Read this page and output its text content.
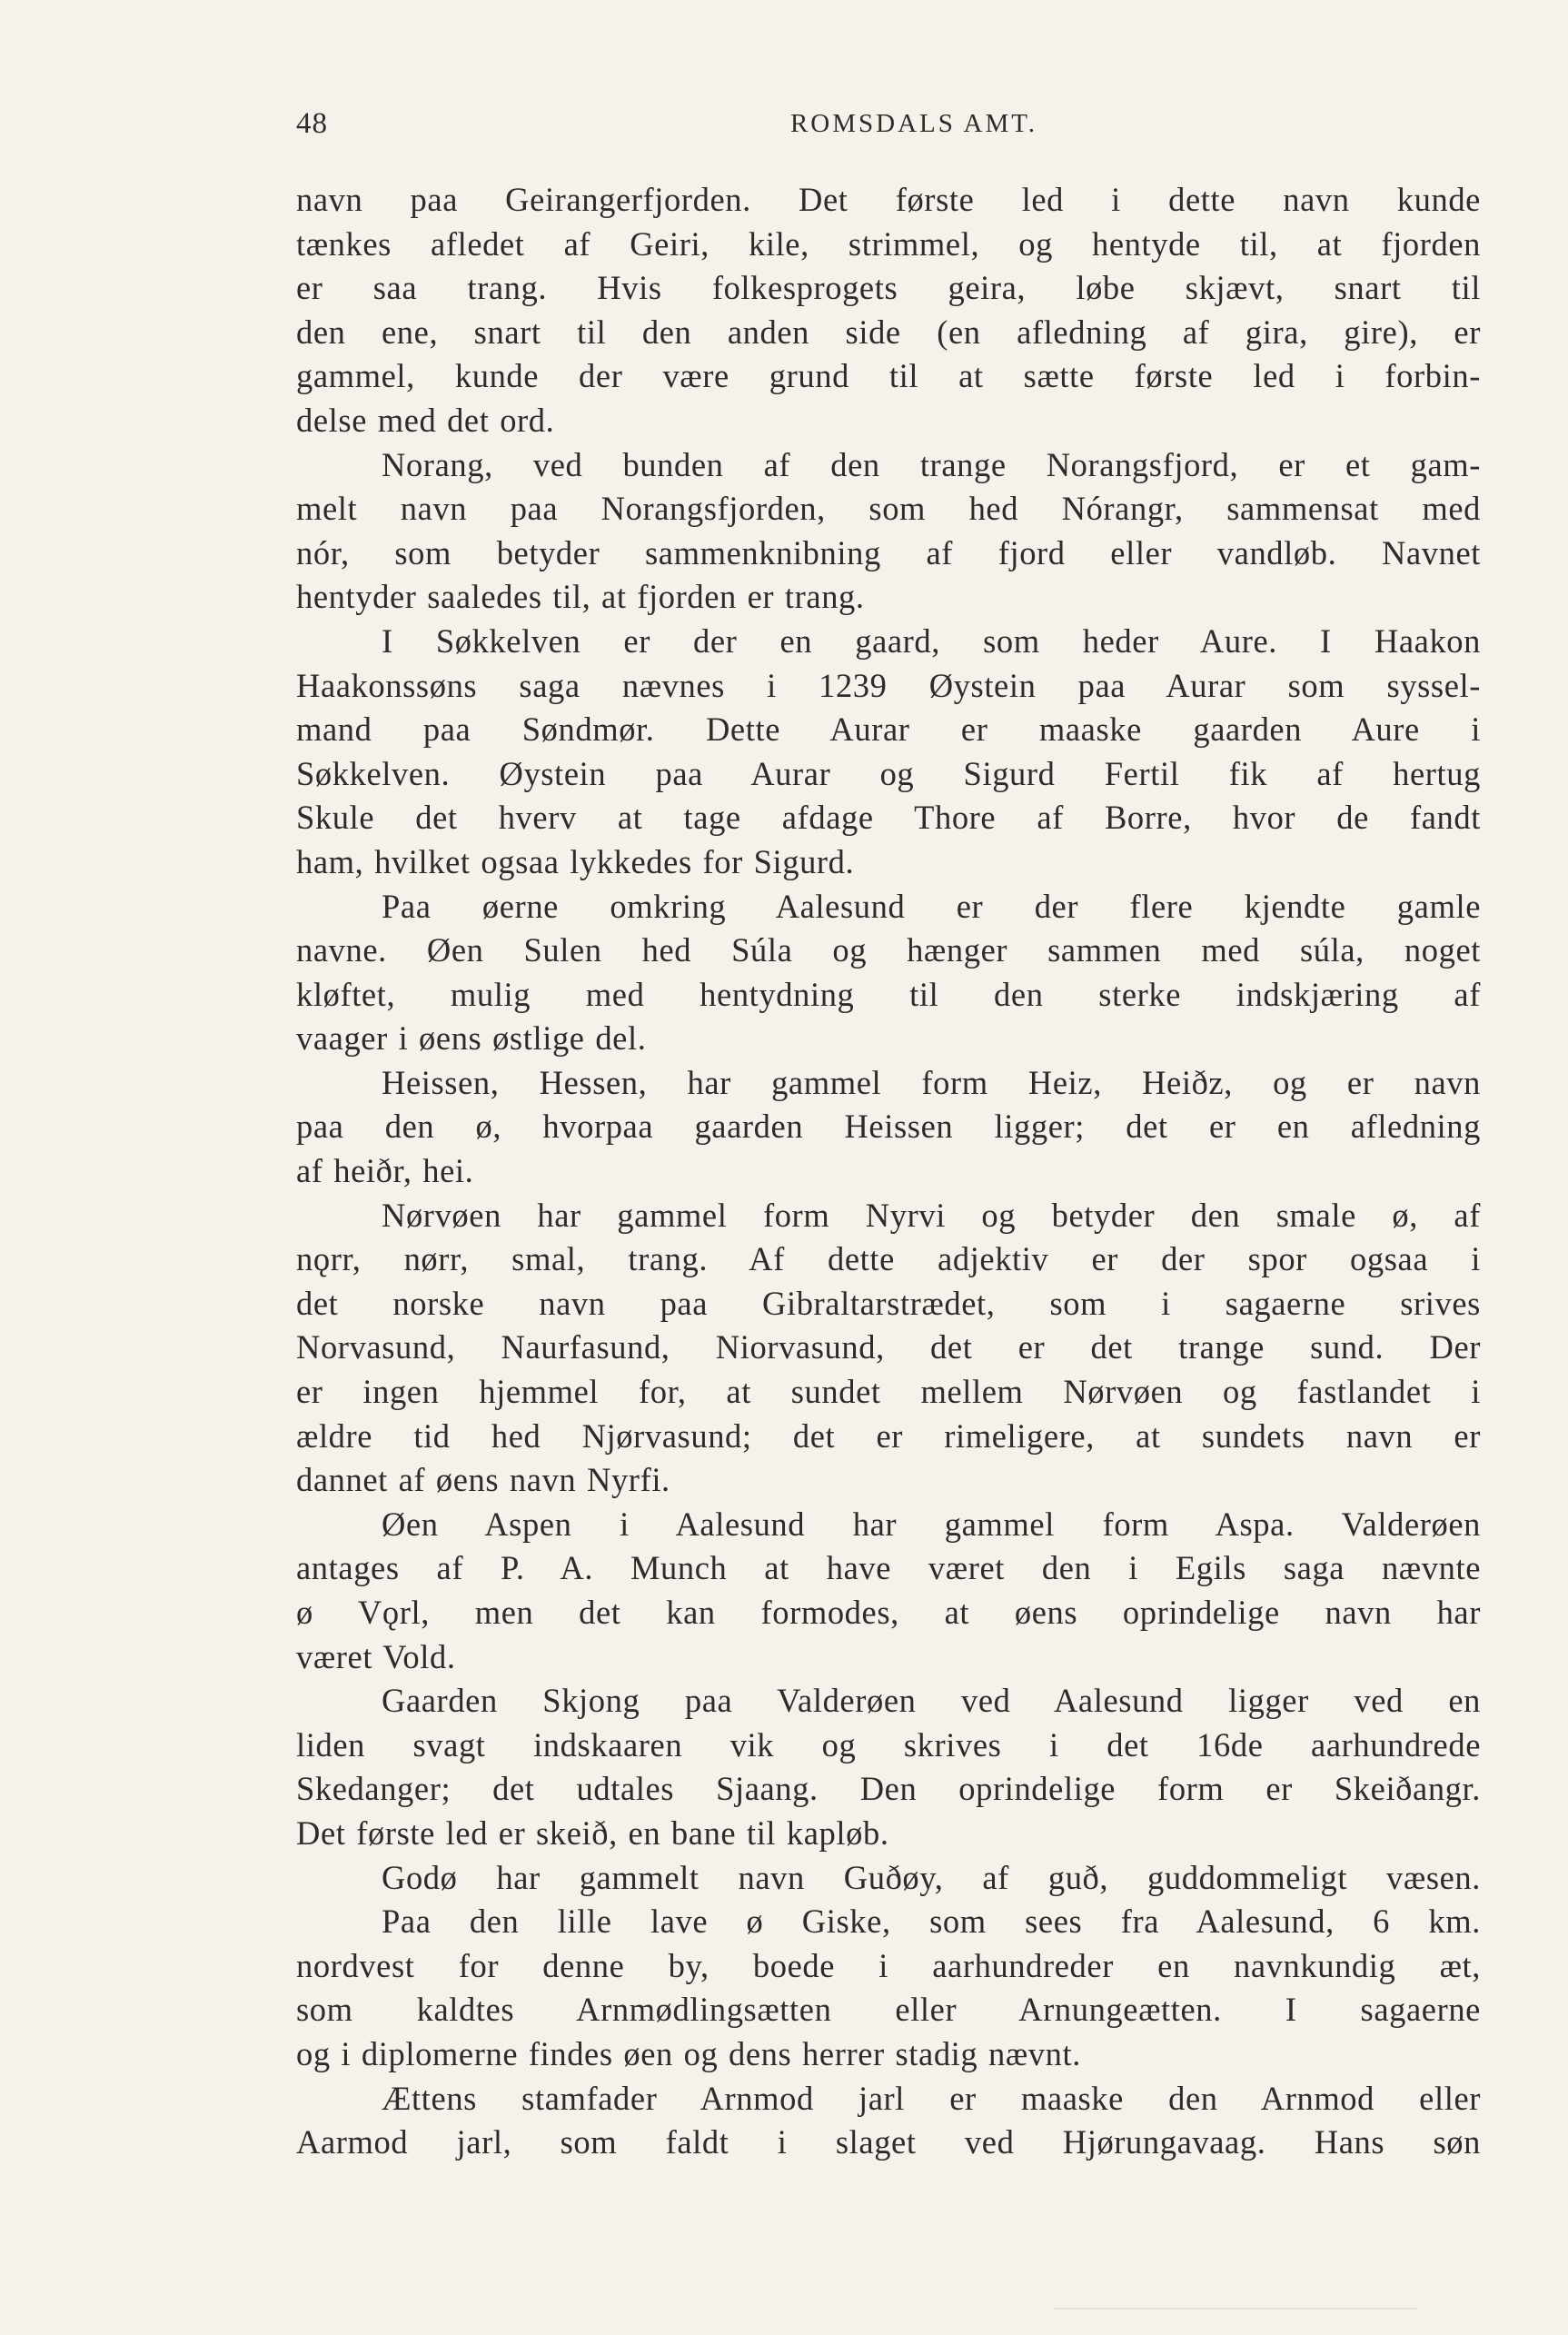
48	ROMSDALS AMT.
navn paa Geirangerfjorden. Det første led i dette navn kunde
tænkes afledet af Geiri, kile, strimmel, og hentyde til, at fjorden
er saa trang. Hvis folkesprogets geira, løbe skjævt, snart til
den ene, snart til den anden side (en afledning af gira, gire), er
gammel, kunde der være grund til at sætte første led i forbin-
delse med det ord.
Norang, ved bunden af den trange Norangsfjord, er et gam-
melt navn paa Norangsfjorden, som hed Nórangr, sammensat med
nór, som betyder sammenknibning af fjord eller vandløb. Navnet
hentyder saaledes til, at fjorden er trang.
I Søkkelven er der en gaard, som heder Aure. I Haakon
Haakonssøns saga nævnes i 1239 Øystein paa Aurar som syssel-
mand paa Søndmør. Dette Aurar er maaske gaarden Aure i
Søkkelven. Øystein paa Aurar og Sigurd Fertil fik af hertug
Skule det hverv at tage afdage Thore af Borre, hvor de fandt
ham, hvilket ogsaa lykkedes for Sigurd.
Paa øerne omkring Aalesund er der flere kjendte gamle
navne. Øen Sulen hed Súla og hænger sammen med súla, noget
kløftet, mulig med hentydning til den sterke indskjæring af
vaager i øens østlige del.
Heissen, Hessen, har gammel form Heiz, Heiðz, og er navn
paa den ø, hvorpaa gaarden Heissen ligger; det er en afledning
af heiðr, hei.
Nørvøen har gammel form Nyrvi og betyder den smale ø, af
nǫrr, nørr, smal, trang. Af dette adjektiv er der spor ogsaa i
det norske navn paa Gibraltarstrædet, som i sagaerne srives
Norvasund, Naurfasund, Niorvasund, det er det trange sund. Der
er ingen hjemmel for, at sundet mellem Nørvøen og fastlandet i
ældre tid hed Njørvasund; det er rimeligere, at sundets navn er
dannet af øens navn Nyrfi.
Øen Aspen i Aalesund har gammel form Aspa. Valderøen
antages af P. A. Munch at have været den i Egils saga nævnte
ø Vǫrl, men det kan formodes, at øens oprindelige navn har
været Vold.
Gaarden Skjong paa Valderøen ved Aalesund ligger ved en
liden svagt indskaaren vik og skrives i det 16de aarhundrede
Skedanger; det udtales Sjaang. Den oprindelige form er Skeiðangr.
Det første led er skeið, en bane til kapløb.
Godø har gammelt navn Guðøy, af guð, guddommeligt væsen.
Paa den lille lave ø Giske, som sees fra Aalesund, 6 km.
nordvest for denne by, boede i aarhundreder en navnkundig æt,
som kaldtes Arnmødlingsætten eller Arnungeætten. I sagaerne
og i diplomerne findes øen og dens herrer stadig nævnt.
Ættens stamfader Arnmod jarl er maaske den Arnmod eller
Aarmod jarl, som faldt i slaget ved Hjørungavaag. Hans søn
